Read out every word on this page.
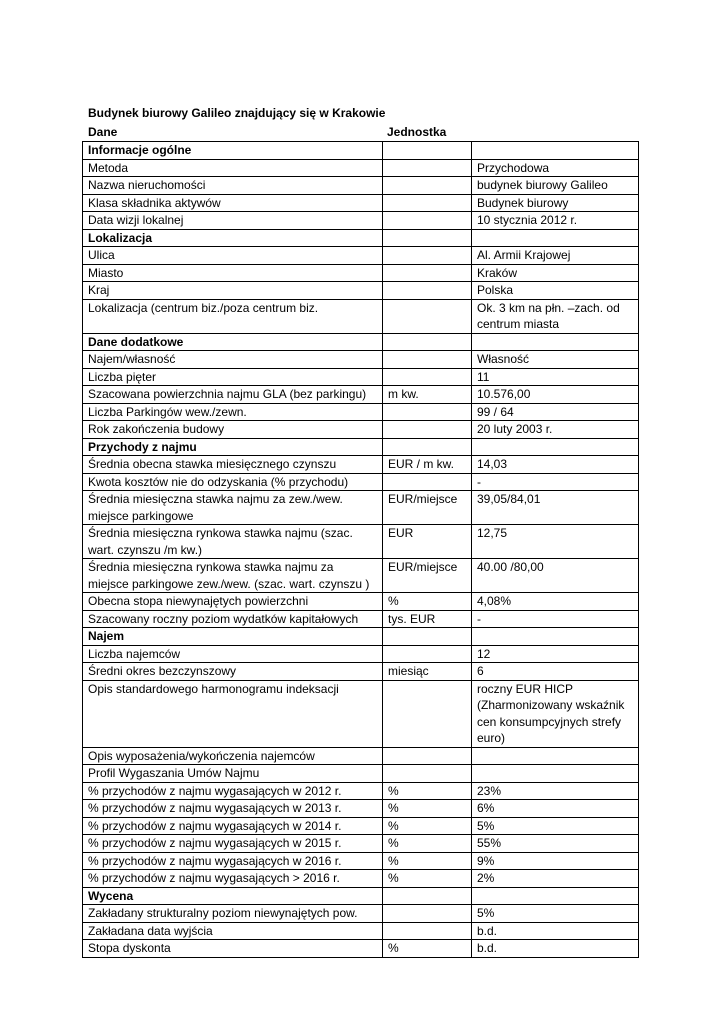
Budynek biurowy Galileo znajdujący się w Krakowie
Dane	Jednostka
Informacje ogólne		
Metoda		Przychodowa
Nazwa nieruchomości		budynek biurowy Galileo
Klasa składnika aktywów		Budynek biurowy
Data wizji lokalnej		10 stycznia 2012 r.
Lokalizacja		
Ulica		Al. Armii Krajowej
Miasto		Kraków
Kraj		Polska
Lokalizacja (centrum biz./poza centrum biz.		Ok. 3 km na płn. –zach. od centrum miasta
Dane dodatkowe		
Najem/własność		Własność
Liczba pięter		11
Szacowana powierzchnia najmu GLA (bez parkingu)	m kw.	10.576,00
Liczba Parkingów wew./zewn.		99 / 64
Rok zakończenia budowy		20 luty 2003 r.
Przychody z najmu		
Średnia obecna stawka miesięcznego czynszu	EUR / m kw.	14,03
Kwota kosztów nie do odzyskania (% przychodu)		-
Średnia miesięczna stawka najmu za zew./wew. miejsce parkingowe	EUR/miejsce	39,05/84,01
Średnia miesięczna rynkowa stawka najmu (szac. wart. czynszu /m kw.)	EUR	12,75
Średnia miesięczna rynkowa stawka najmu za miejsce parkingowe zew./wew. (szac. wart. czynszu )	EUR/miejsce	40.00 /80,00
Obecna stopa niewynajętych powierzchni	%	4,08%
Szacowany roczny poziom wydatków kapitałowych	tys. EUR	-
Najem		
Liczba najemców		12
Średni okres bezczynszowy	miesiąc	6
Opis standardowego harmonogramu indeksacji		roczny EUR HICP (Zharmonizowany wskaźnik cen konsumpcyjnych strefy euro)
Opis wyposażenia/wykończenia najemców		
Profil Wygaszania Umów Najmu		
% przychodów z najmu wygasających w 2012 r.	%	23%
% przychodów z najmu wygasających w 2013 r.	%	6%
% przychodów z najmu wygasających w 2014 r.	%	5%
% przychodów z najmu wygasających w 2015 r.	%	55%
% przychodów z najmu wygasających w 2016 r.	%	9%
% przychodów z najmu wygasających > 2016 r.	%	2%
Wycena		
Zakładany strukturalny poziom niewynajętych pow.		5%
Zakładana data wyjścia		b.d.
Stopa dyskonta	%	b.d.
